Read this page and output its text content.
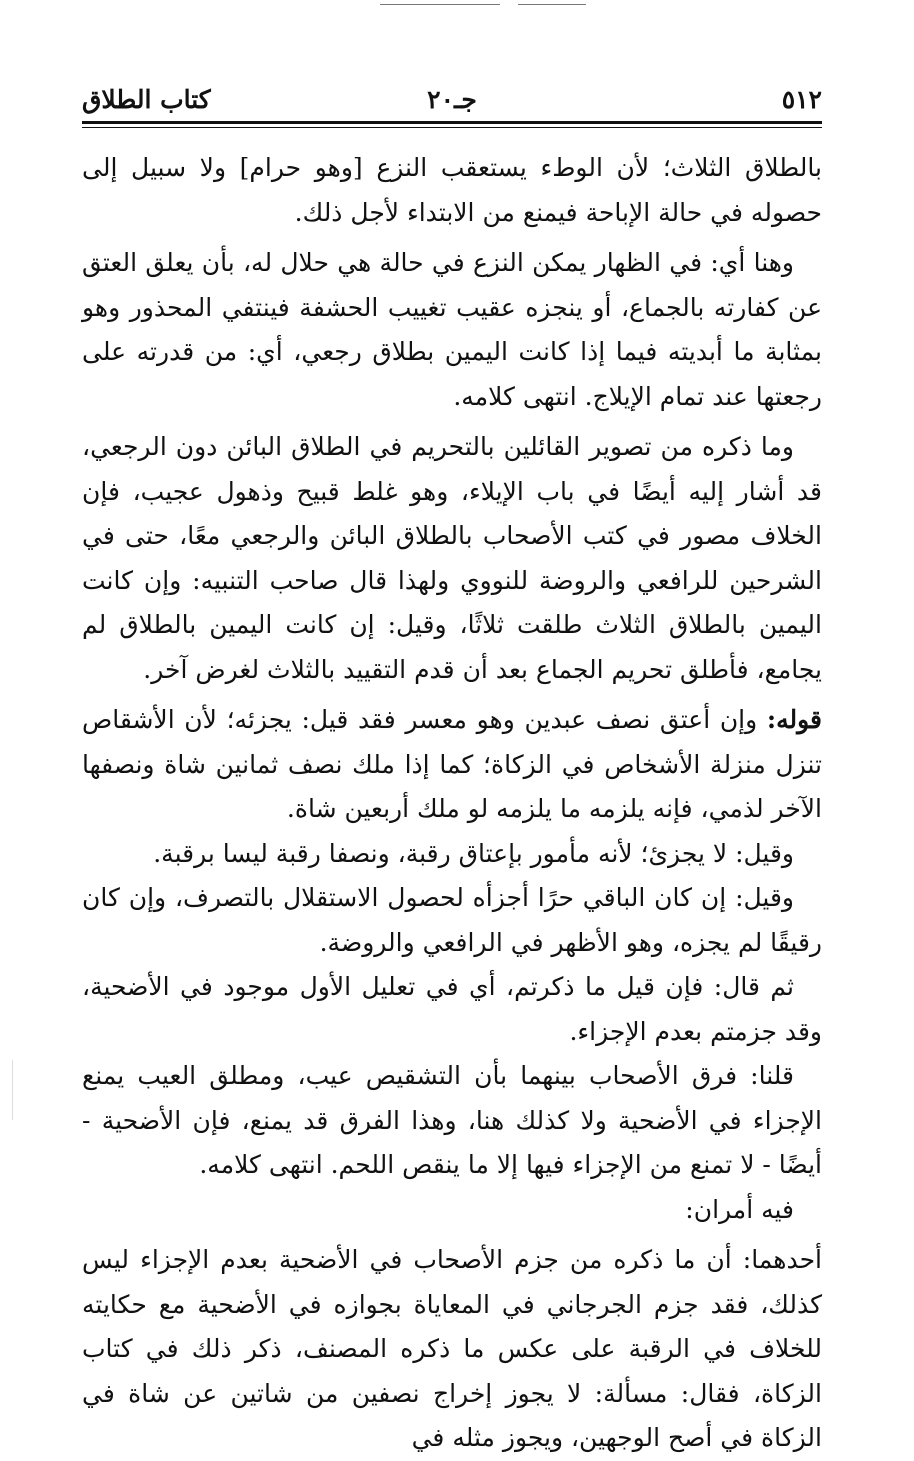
٥١٢
جـ٢٠
كتاب الطلاق

بالطلاق الثلاث؛ لأن الوطء يستعقب النزع [وهو حرام] ولا سبيل إلى حصوله في حالة الإباحة فيمنع من الابتداء لأجل ذلك.

وهنا أي: في الظهار يمكن النزع في حالة هي حلال له، بأن يعلق العتق عن كفارته بالجماع، أو ينجزه عقيب تغييب الحشفة فينتفي المحذور وهو بمثابة ما أبديته فيما إذا كانت اليمين بطلاق رجعي، أي: من قدرته على رجعتها عند تمام الإيلاج. انتهى كلامه.

وما ذكره من تصوير القائلين بالتحريم في الطلاق البائن دون الرجعي، قد أشار إليه أيضًا في باب الإيلاء، وهو غلط قبيح وذهول عجيب، فإن الخلاف مصور في كتب الأصحاب بالطلاق البائن والرجعي معًا، حتى في الشرحين للرافعي والروضة للنووي ولهذا قال صاحب التنبيه: وإن كانت اليمين بالطلاق الثلاث طلقت ثلاثًا، وقيل: إن كانت اليمين بالطلاق لم يجامع، فأطلق تحريم الجماع بعد أن قدم التقييد بالثلاث لغرض آخر.

قوله: وإن أعتق نصف عبدين وهو معسر فقد قيل: يجزئه؛ لأن الأشقاص تنزل منزلة الأشخاص في الزكاة؛ كما إذا ملك نصف ثمانين شاة ونصفها الآخر لذمي، فإنه يلزمه ما يلزمه لو ملك أربعين شاة.

وقيل: لا يجزئ؛ لأنه مأمور بإعتاق رقبة، ونصفا رقبة ليسا برقبة.

وقيل: إن كان الباقي حرًا أجزأه لحصول الاستقلال بالتصرف، وإن كان رقيقًا لم يجزه، وهو الأظهر في الرافعي والروضة.

ثم قال: فإن قيل ما ذكرتم، أي في تعليل الأول موجود في الأضحية، وقد جزمتم بعدم الإجزاء.

قلنا: فرق الأصحاب بينهما بأن التشقيص عيب، ومطلق العيب يمنع الإجزاء في الأضحية ولا كذلك هنا، وهذا الفرق قد يمنع، فإن الأضحية - أيضًا - لا تمنع من الإجزاء فيها إلا ما ينقص اللحم. انتهى كلامه.

فيه أمران:

أحدهما: أن ما ذكره من جزم الأصحاب في الأضحية بعدم الإجزاء ليس كذلك، فقد جزم الجرجاني في المعاياة بجوازه في الأضحية مع حكايته للخلاف في الرقبة على عكس ما ذكره المصنف، ذكر ذلك في كتاب الزكاة، فقال: مسألة: لا يجوز إخراج نصفين من شاتين عن شاة في الزكاة في أصح الوجهين، ويجوز مثله في
